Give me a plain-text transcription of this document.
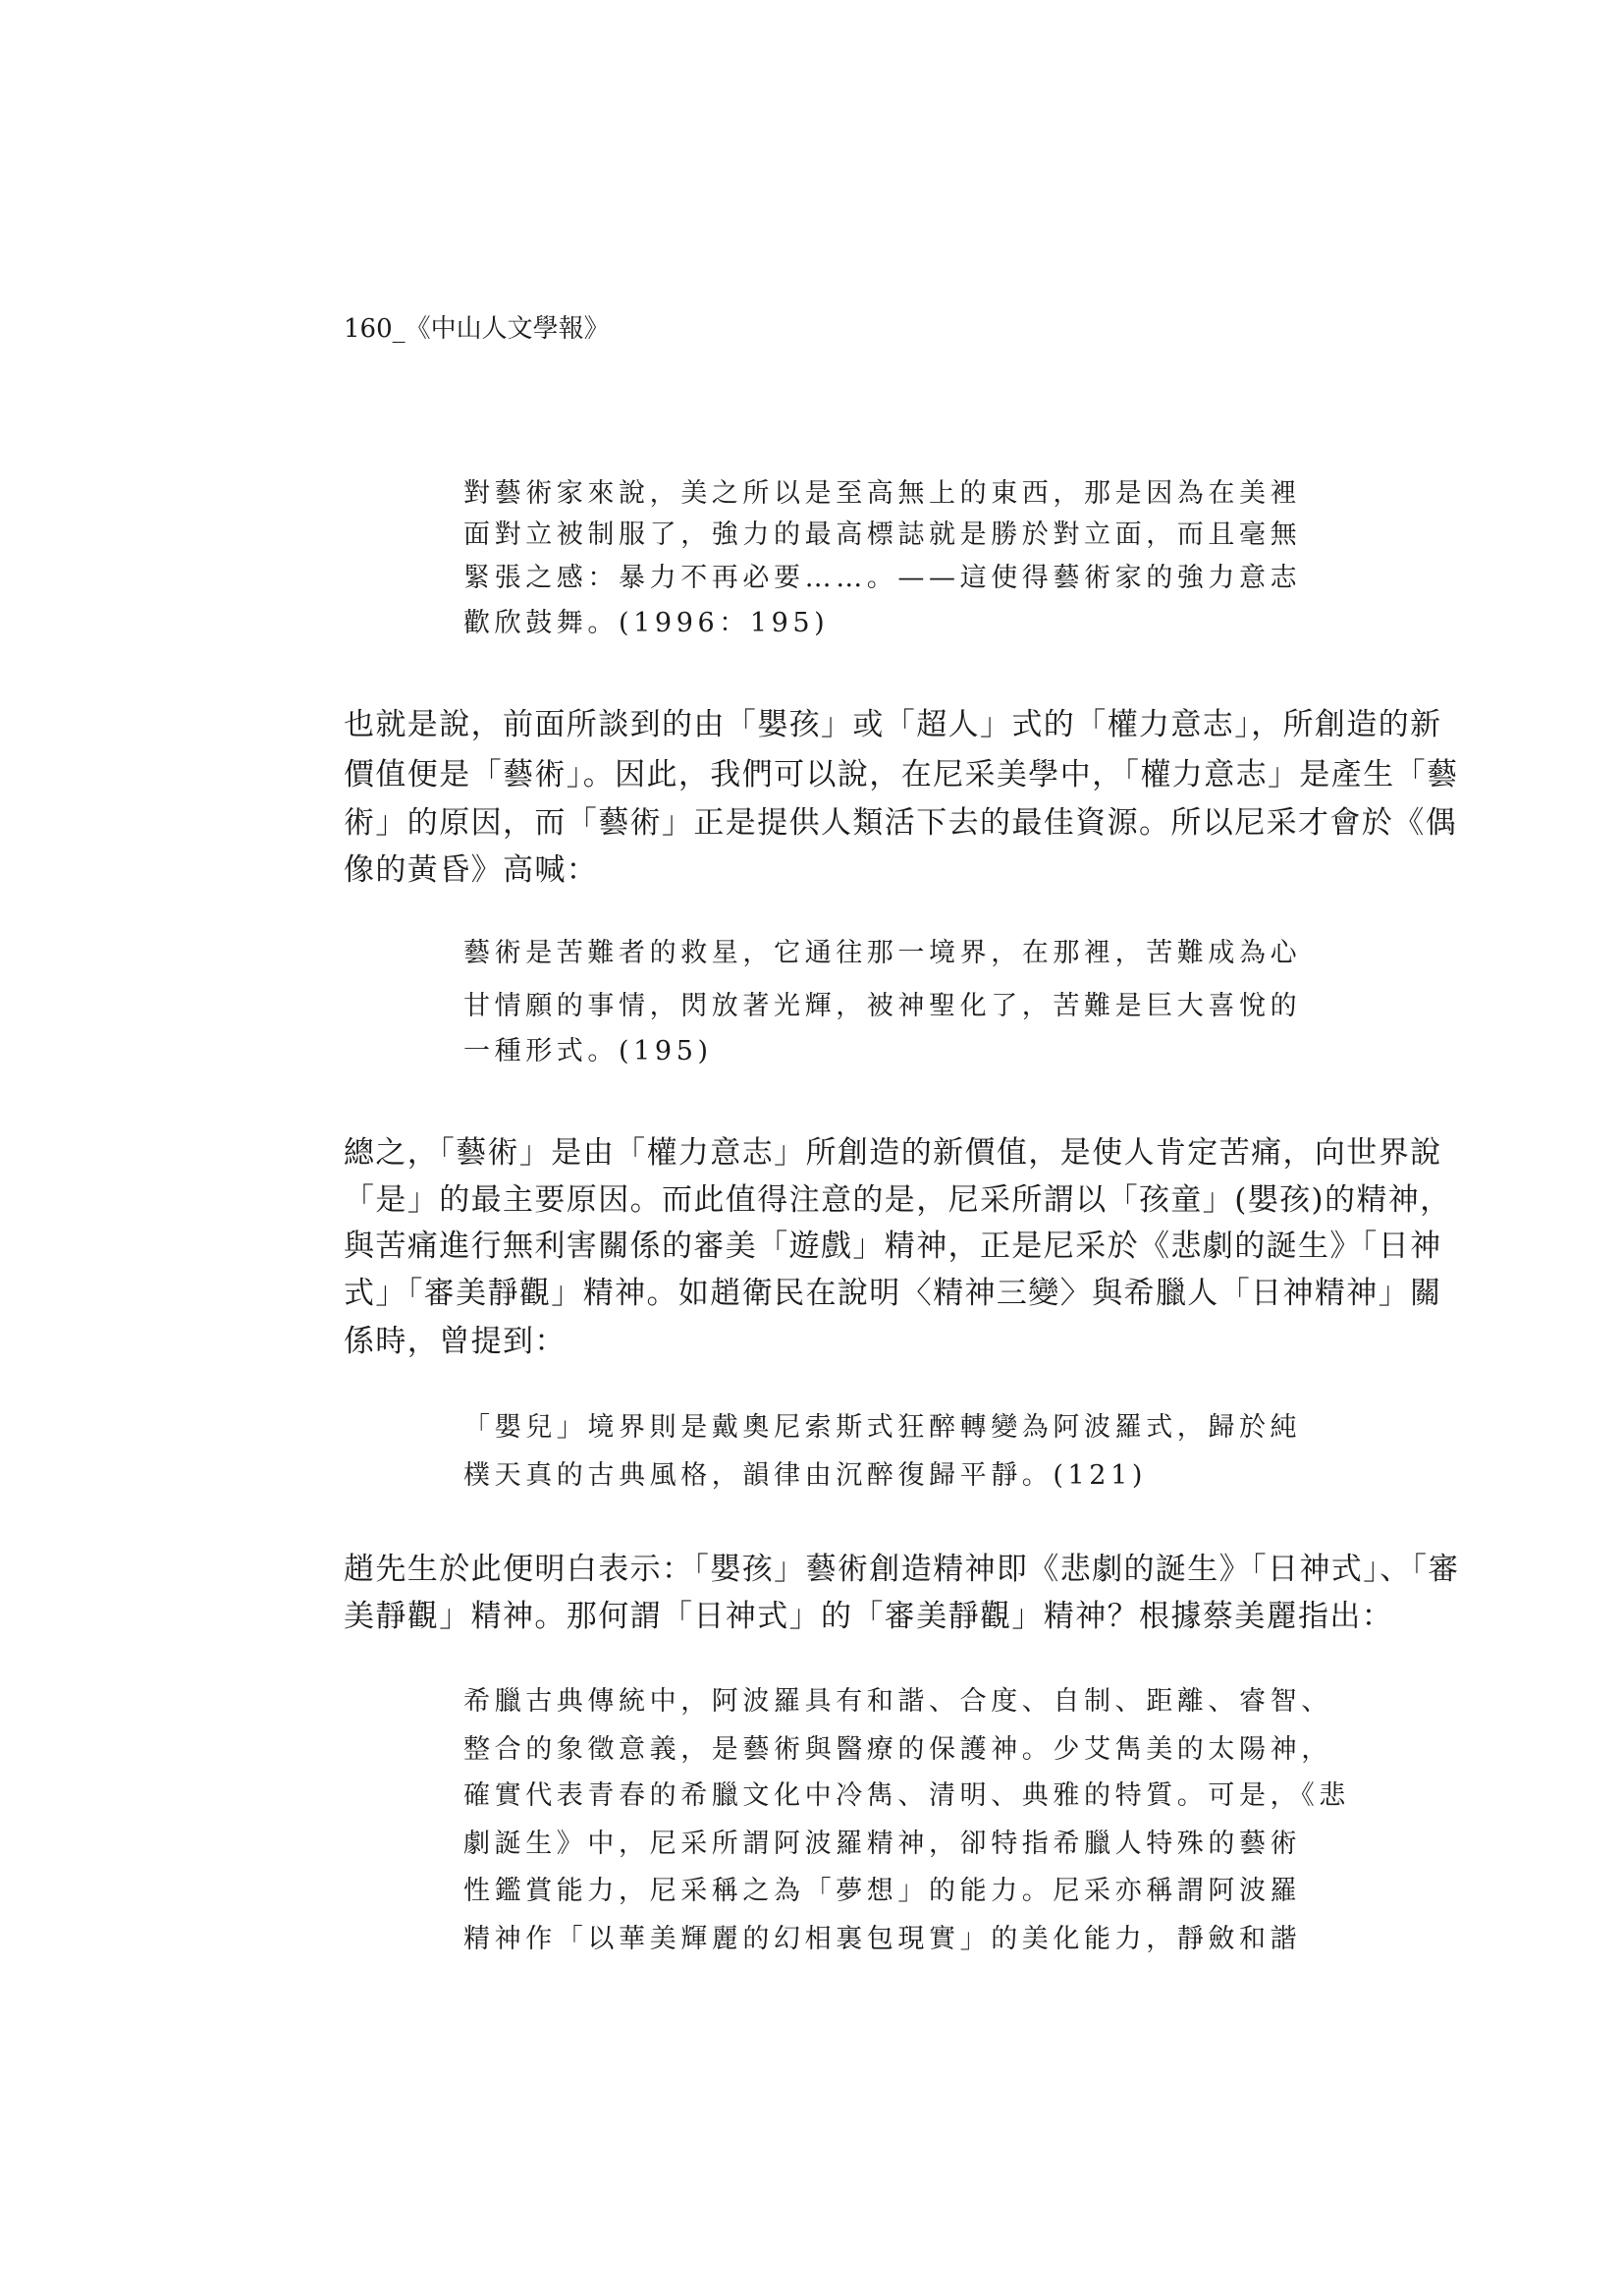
160_《中山人文學報》
對藝術家來說，美之所以是至高無上的東西，那是因為在美裡
面對立被制服了，強力的最高標誌就是勝於對立面，而且毫無
緊張之感：暴力不再必要……。——這使得藝術家的強力意志
歡欣鼓舞。(1996：195)
也就是說，前面所談到的由「嬰孩」或「超人」式的「權力意志」，所創造的新
價值便是「藝術」。因此，我們可以說，在尼采美學中，「權力意志」是產生「藝
術」的原因，而「藝術」正是提供人類活下去的最佳資源。所以尼采才會於《偶
像的黃昏》高喊：
藝術是苦難者的救星，它通往那一境界，在那裡，苦難成為心
甘情願的事情，閃放著光輝，被神聖化了，苦難是巨大喜悅的
一種形式。(195)
總之，「藝術」是由「權力意志」所創造的新價值，是使人肯定苦痛，向世界說
「是」的最主要原因。而此值得注意的是，尼采所謂以「孩童」(嬰孩)的精神，
與苦痛進行無利害關係的審美「遊戲」精神，正是尼采於《悲劇的誕生》「日神
式」「審美靜觀」精神。如趙衛民在說明〈精神三變〉與希臘人「日神精神」關
係時，曾提到：
「嬰兒」境界則是戴奧尼索斯式狂醉轉變為阿波羅式，歸於純
樸天真的古典風格，韻律由沉醉復歸平靜。(121)
趙先生於此便明白表示：「嬰孩」藝術創造精神即《悲劇的誕生》「日神式」、「審
美靜觀」精神。那何謂「日神式」的「審美靜觀」精神？根據蔡美麗指出：
希臘古典傳統中，阿波羅具有和諧、合度、自制、距離、睿智、
整合的象徵意義，是藝術與醫療的保護神。少艾雋美的太陽神，
確實代表青春的希臘文化中冷雋、清明、典雅的特質。可是，《悲
劇誕生》中，尼采所謂阿波羅精神，卻特指希臘人特殊的藝術
性鑑賞能力，尼采稱之為「夢想」的能力。尼采亦稱謂阿波羅
精神作「以華美輝麗的幻相裏包現實」的美化能力，靜斂和諧
